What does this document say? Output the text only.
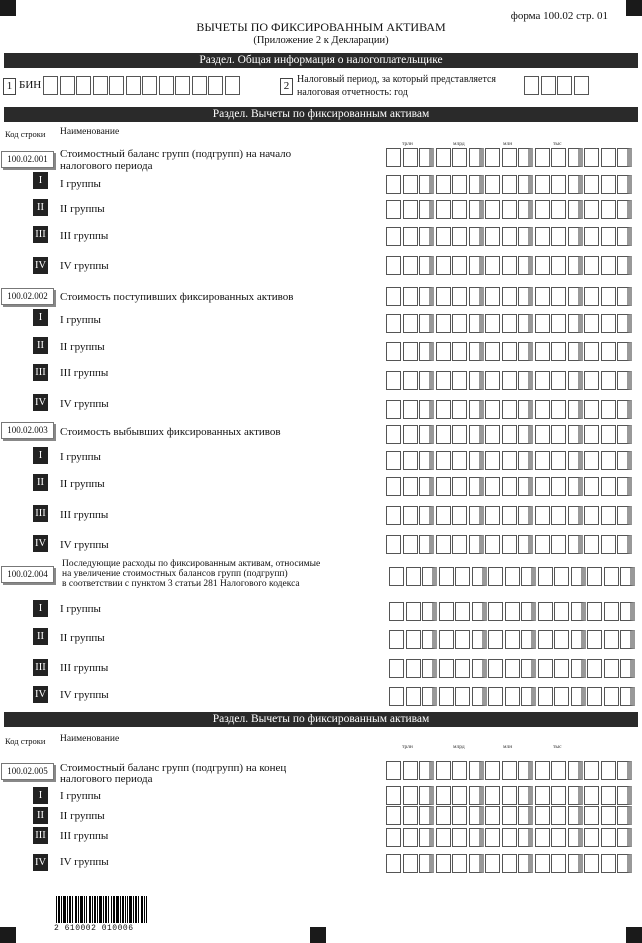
форма 100.02 стр. 01
ВЫЧЕТЫ ПО ФИКСИРОВАННЫМ АКТИВАМ
(Приложение 2 к Декларации)
Раздел. Общая информация о налогоплательщике
1 БИН	2
Налоговый период, за который представляется
налоговая отчетность: год
Раздел. Вычеты по фиксированным активам
Код строки Наименование
трлн	млрд	млн	тыс
100.02.001	Стоимостный баланс групп (подгрупп) на начало
налогового периода
I	I группы
II	II группы
III III группы
IV IV группы
100.02.002	Стоимость поступивших фиксированных активов
I	I группы
II	II группы
III III группы
IV IV группы
100.02.003	Стоимость выбывших фиксированных активов
I	I группы
II	II группы
III III группы
IV IV группы
100.02.004
Последующие расходы по фиксированным активам, относимые
на увеличение стоимостных балансов групп (подгрупп)
в соответствии с пунктом 3 статьи 281 Налогового кодекса
I	I группы
II	II группы
III III группы
IV IV группы
Раздел. Вычеты по фиксированным активам
Код строки Наименование
трлн	млрд	млн	тыс
100.02.005	Стоимостный баланс групп (подгрупп) на конец
налогового периода
I	I группы
II	II группы
III III группы
IV IV группы
2 610002 010006
